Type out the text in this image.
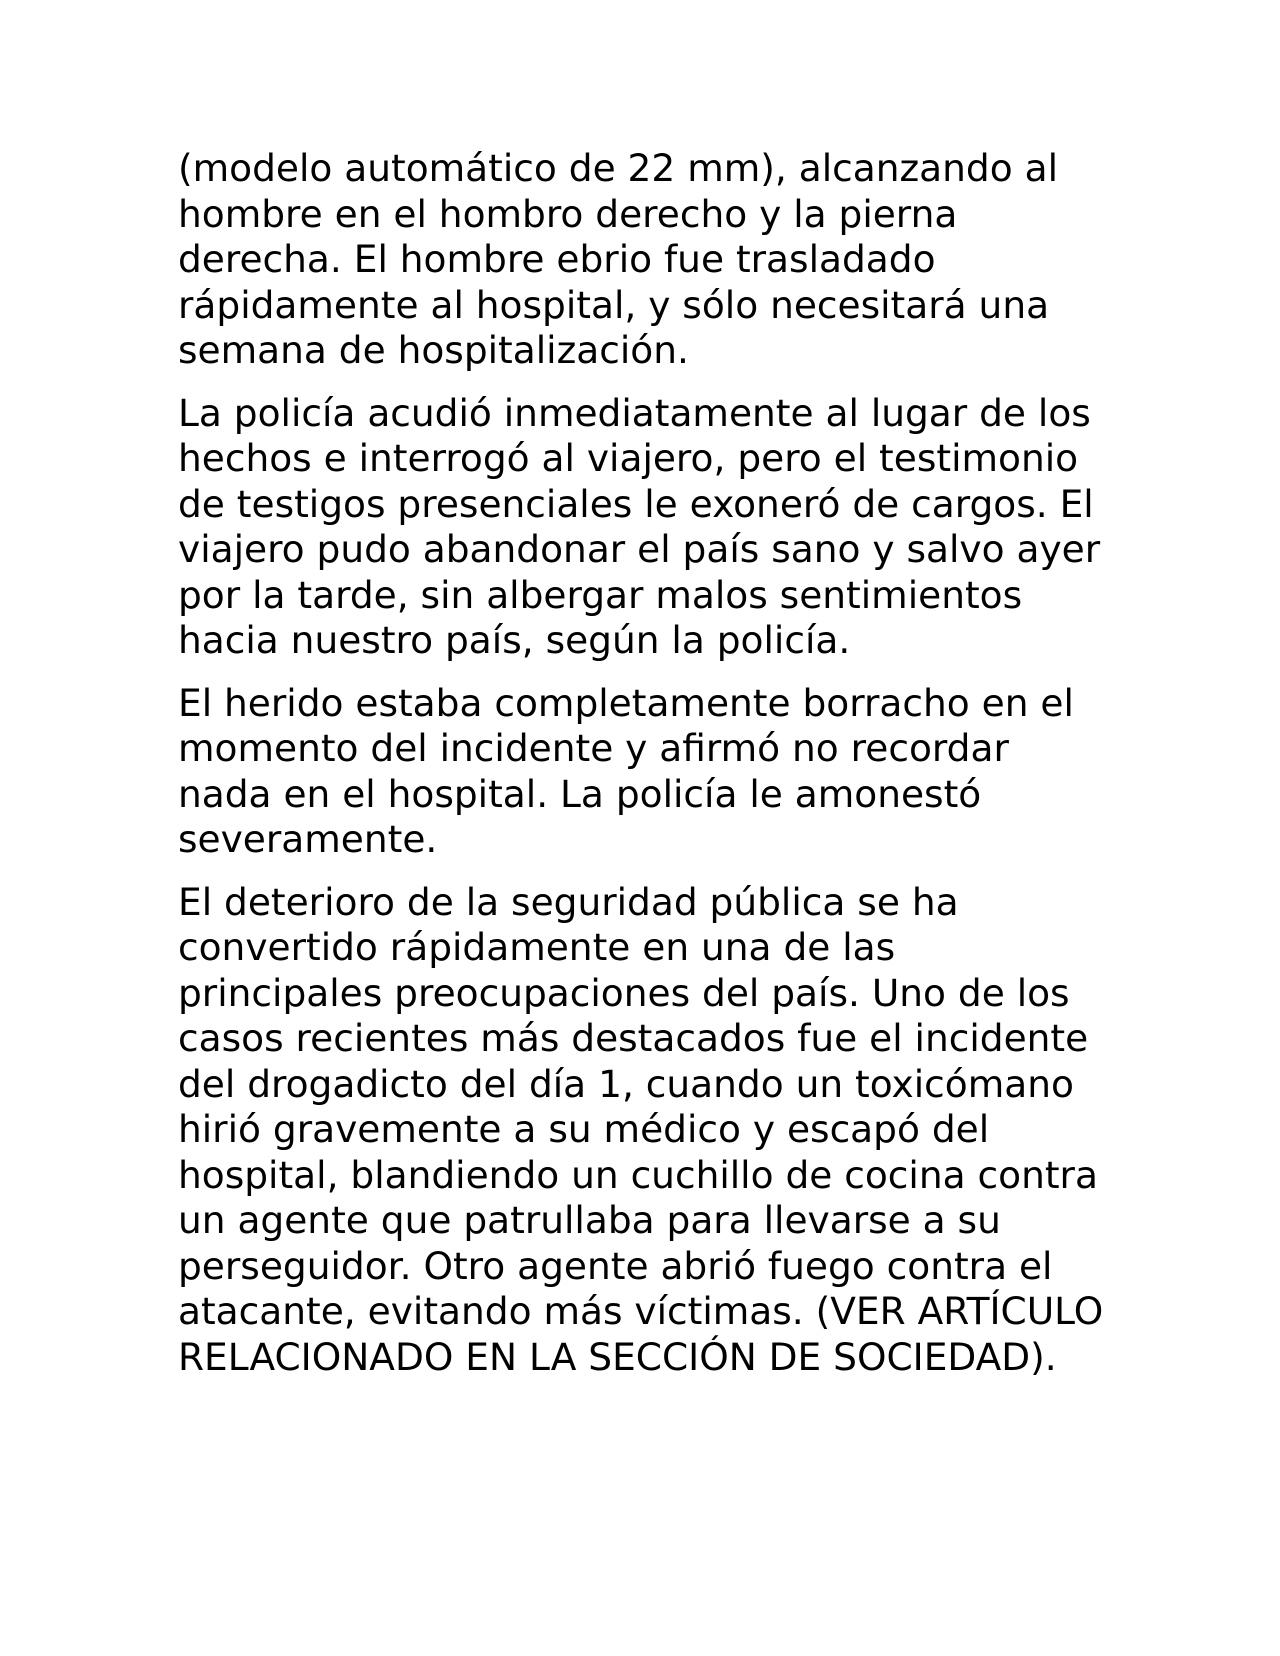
(modelo automático de 22 mm), alcanzando al hombre en el hombro derecho y la pierna derecha. El hombre ebrio fue trasladado rápidamente al hospital, y sólo necesitará una semana de hospitalización.

La policía acudió inmediatamente al lugar de los hechos e interrogó al viajero, pero el testimonio de testigos presenciales le exoneró de cargos. El viajero pudo abandonar el país sano y salvo ayer por la tarde, sin albergar malos sentimientos hacia nuestro país, según la policía.

El herido estaba completamente borracho en el momento del incidente y afirmó no recordar nada en el hospital. La policía le amonestó severamente.

El deterioro de la seguridad pública se ha convertido rápidamente en una de las principales preocupaciones del país. Uno de los casos recientes más destacados fue el incidente del drogadicto del día 1, cuando un toxicómano hirió gravemente a su médico y escapó del hospital, blandiendo un cuchillo de cocina contra un agente que patrullaba para llevarse a su perseguidor. Otro agente abrió fuego contra el atacante, evitando más víctimas. (VER ARTÍCULO RELACIONADO EN LA SECCIÓN DE SOCIEDAD).
